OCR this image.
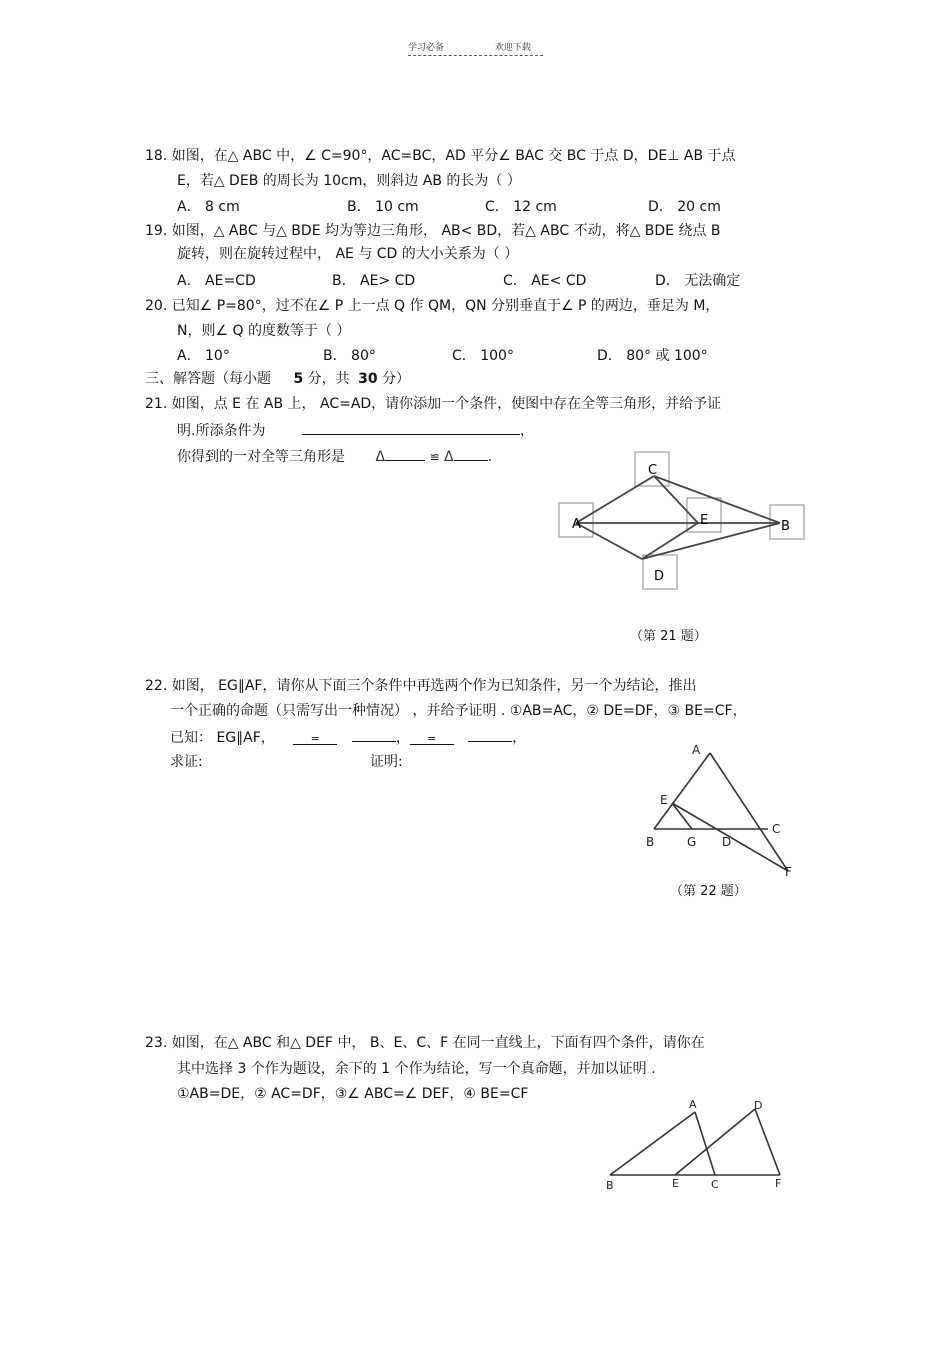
学习必备	欢迎下载
18. 如图，在△ ABC 中，∠ C=90°，AC=BC，AD 平分∠ BAC 交 BC 于点 D，DE⊥ AB 于点
E，若△ DEB 的周长为 10cm，则斜边 AB 的长为（ ）
A． 8 cm	B． 10 cm	C． 12 cm	D． 20 cm
19. 如图，△ ABC 与△ BDE 均为等边三角形， AB< BD，若△ ABC 不动，将△ BDE 绕点 B
旋转，则在旋转过程中， AE 与 CD 的大小关系为（ ）
A． AE=CD	B． AE> CD	C． AE< CD	D． 无法确定
20. 已知∠ P=80°，过不在∠ P 上一点 Q 作 QM，QN 分别垂直于∠ P 的两边，垂足为 M，
N，则∠ Q 的度数等于（ ）
A． 10°	B． 80°	C． 100°	D． 80° 或 100°
三、解答题（每小题 5 分，共 30 分）
21. 如图，点 E 在 AB 上， AC=AD，请你添加一个条件，使图中存在全等三角形，并给予证
明.所添条件为	，
你得到的一对全等三角形是 Δ	≌ Δ .
C
A	E	B
D
（第 21 题）
22. 如图， EG∥AF，请你从下面三个条件中再选两个作为已知条件，另一个为结论，推出
一个正确的命题（只需写出一种情况） ，并给予证明 . ①AB=AC，② DE=DF，③ BE=CF，
已知： EG∥AF，	=	， =	，
求证:	证明:
A
E
B	G D
C
F
（第 22 题）
23. 如图，在△ ABC 和△ DEF 中， B、E、C、F 在同一直线上，下面有四个条件，请你在
其中选择 3 个作为题设，余下的 1 个作为结论，写一个真命题，并加以证明 .
①AB=DE，② AC=DF，③∠ ABC=∠ DEF，④ BE=CF
A	D
B	E	C	F
